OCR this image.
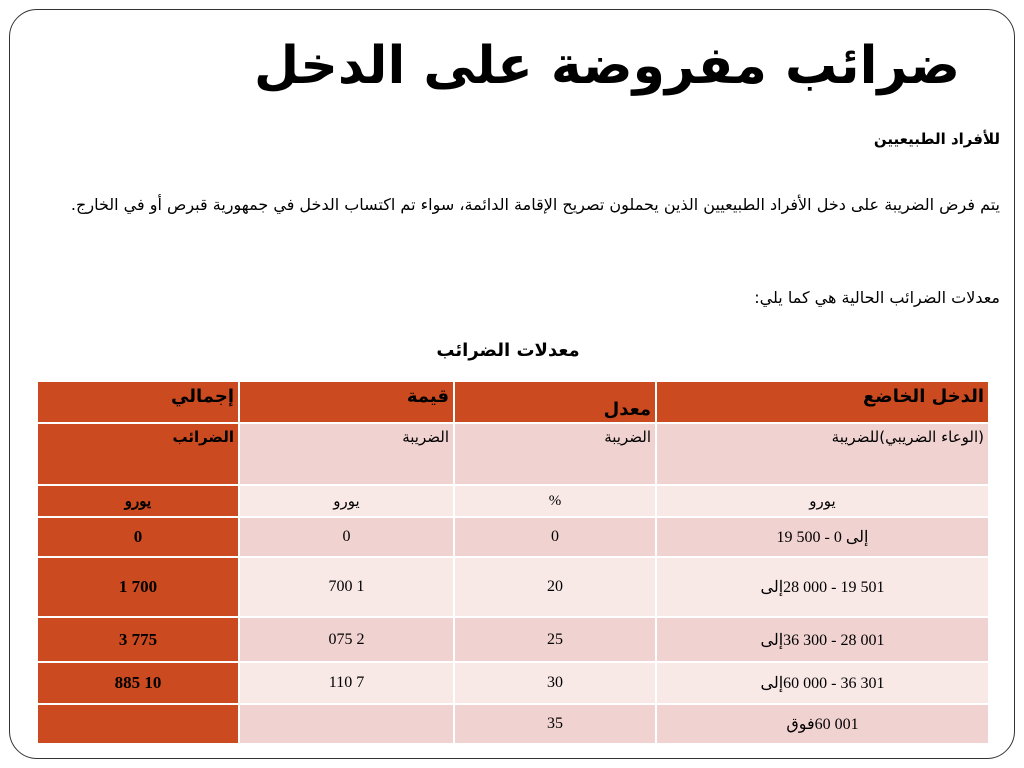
ضرائب مفروضة على الدخل
للأفراد الطبيعيين
يتم فرض الضريبة على دخل الأفراد الطبيعيين الذين يحملون تصريح الإقامة الدائمة، سواء تم اكتساب الدخل في جمهورية قبرص أو في الخارج.
معدلات الضرائب الحالية هي كما يلي:
معدلات الضرائب
الدخل الخاضع	معدل	قيمة	إجمالي
(الوعاء الضريبي)للضريبة	الضريبة	الضريبة	الضرائب
يورو	%	يورو	يورو
إلى 0 - 500 19	0	0	0
501 19 - 000 28إلى	20	1 700	700 1
001 28 - 300 36إلى	25	2 075	775 3
301 36 - 000 60إلى	30	7 110	10 885
001 60فوق	35		
